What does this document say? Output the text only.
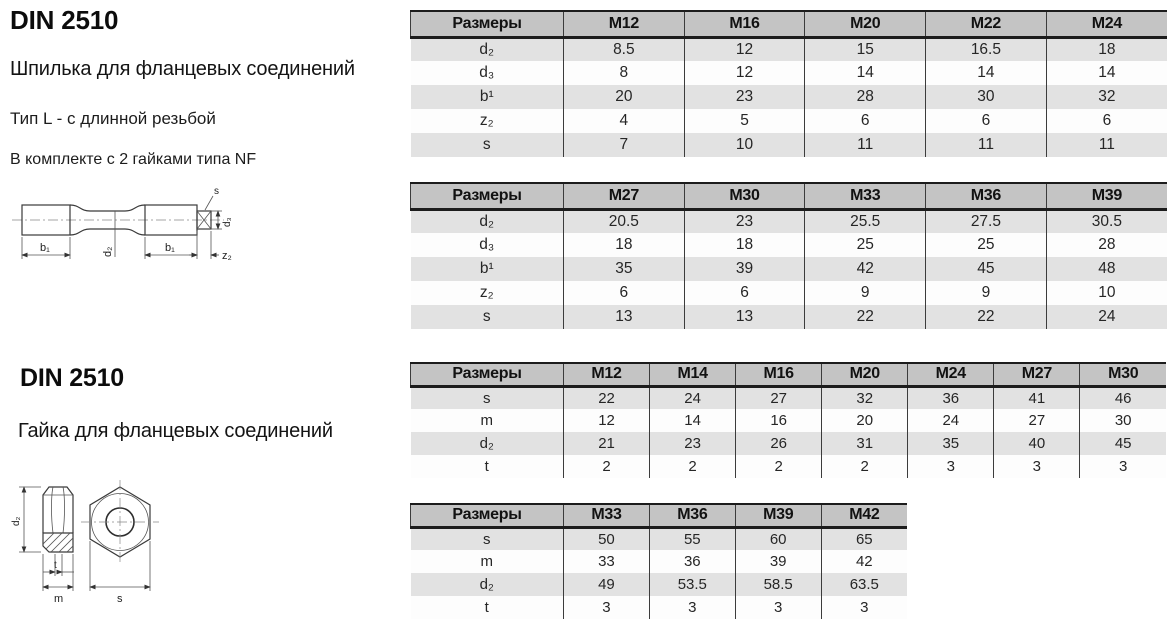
DIN 2510
Шпилька для фланцевых соединений
Тип L - с длинной резьбой
В комплекте с 2 гайками типа NF
s
d₃
b₁	d₂	b₁
z₂
DIN 2510
Гайка для фланцевых соединений
d₂
t
m	s
Размеры	M12	M16	M20	M22	M24
d₂	8.5	12	15	16.5	18
d₃	8	12	14	14	14
b¹	20	23	28	30	32
z₂	4	5	6	6	6
s	7	10	11	11	11
Размеры	M27	M30	M33	M36	M39
d₂	20.5	23	25.5	27.5	30.5
d₃	18	18	25	25	28
b¹	35	39	42	45	48
z₂	6	6	9	9	10
s	13	13	22	22	24
Размеры	M12	M14	M16	M20	M24	M27	M30
s	22	24	27	32	36	41	46
m	12	14	16	20	24	27	30
d₂	21	23	26	31	35	40	45
t	2	2	2	2	3	3	3
Размеры	M33	M36	M39	M42
s	50	55	60	65
m	33	36	39	42
d₂	49	53.5	58.5	63.5
t	3	3	3	3
